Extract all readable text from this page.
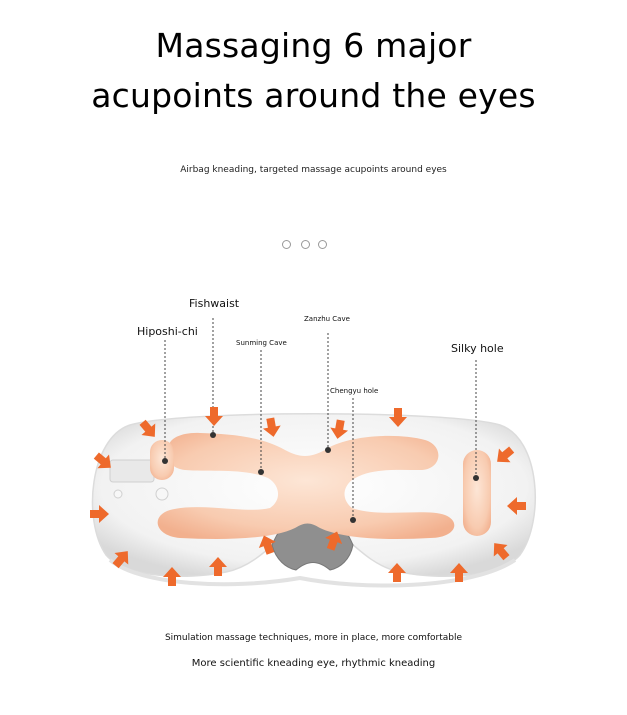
Massaging 6 major
acupoints around the eyes
Airbag kneading, targeted massage acupoints around eyes
Fishwaist
Hiposhi-chi
Sunming Cave
Zanzhu Cave
Chengyu hole
Silky hole
Simulation massage techniques, more in place, more comfortable
More scientific kneading eye, rhythmic kneading
